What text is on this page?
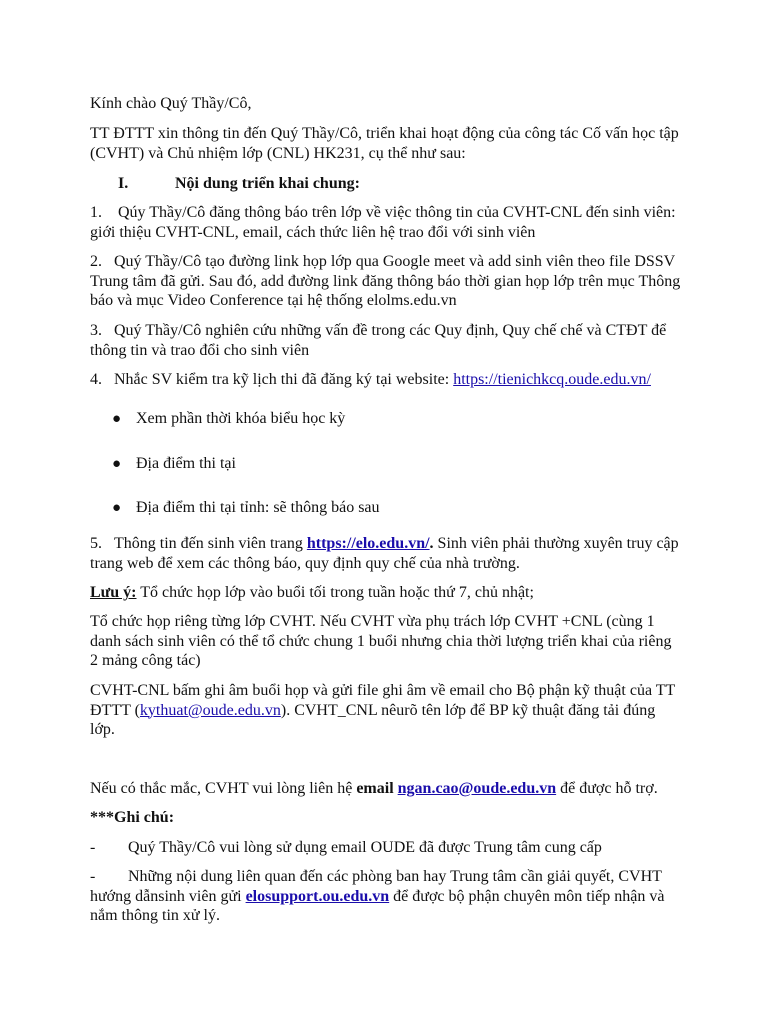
Kính chào Quý Thầy/Cô,

TT ĐTTT xin thông tin đến Quý Thầy/Cô, triển khai hoạt động của công tác Cố vấn học tập (CVHT) và Chủ nhiệm lớp (CNL) HK231, cụ thể như sau:

I.	Nội dung triển khai chung:

1.    Qúy Thầy/Cô đăng thông báo trên lớp về việc thông tin của CVHT-CNL đến sinh viên: giới thiệu CVHT-CNL, email, cách thức liên hệ trao đổi với sinh viên

2.   Quý Thầy/Cô tạo đường link họp lớp qua Google meet và add sinh viên theo file DSSV Trung tâm đã gửi. Sau đó, add đường link đăng thông báo thời gian họp lớp trên mục Thông báo và mục Video Conference tại hệ thống elolms.edu.vn

3.   Quý Thầy/Cô nghiên cứu những vấn đề trong các Quy định, Quy chế chế và CTĐT để thông tin và trao đổi cho sinh viên

4.   Nhắc SV kiểm tra kỹ lịch thi đã đăng ký tại website: https://tienichkcq.oude.edu.vn/

● Xem phần thời khóa biểu học kỳ

● Địa điểm thi tại

● Địa điểm thi tại tỉnh: sẽ thông báo sau

5.   Thông tin đến sinh viên trang https://elo.edu.vn/. Sinh viên phải thường xuyên truy cập trang web để xem các thông báo, quy định quy chế của nhà trường.

Lưu ý: Tổ chức họp lớp vào buổi tối trong tuần hoặc thứ 7, chủ nhật;

Tổ chức họp riêng từng lớp CVHT. Nếu CVHT vừa phụ trách lớp CVHT +CNL (cùng 1 danh sách sinh viên có thể tổ chức chung 1 buổi nhưng chia thời lượng triển khai của riêng 2 mảng công tác)

CVHT-CNL bấm ghi âm buổi họp và gửi file ghi âm về email cho Bộ phận kỹ thuật của TT ĐTTT (kythuat@oude.edu.vn). CVHT_CNL nêurõ tên lớp để BP kỹ thuật đăng tải đúng lớp.

Nếu có thắc mắc, CVHT vui lòng liên hệ email ngan.cao@oude.edu.vn để được hỗ trợ.

***Ghi chú:

- Quý Thầy/Cô vui lòng sử dụng email OUDE đã được Trung tâm cung cấp

- Những nội dung liên quan đến các phòng ban hay Trung tâm cần giải quyết, CVHT hướng dẫnsinh viên gửi elosupport.ou.edu.vn để được bộ phận chuyên môn tiếp nhận và nắm thông tin xử lý.
